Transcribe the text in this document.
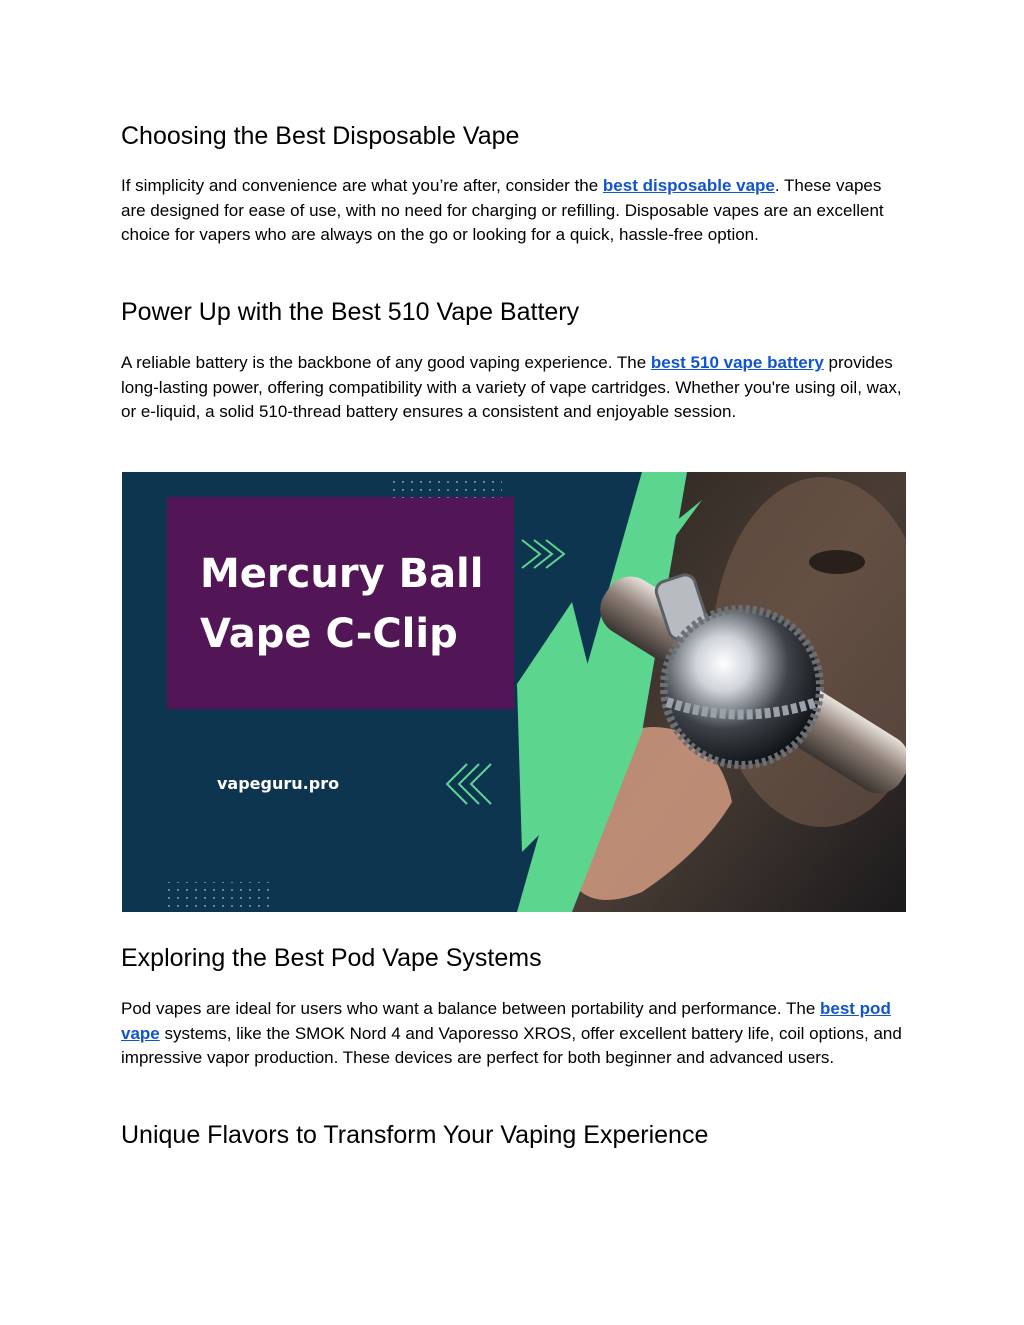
Choosing the Best Disposable Vape

If simplicity and convenience are what you’re after, consider the best disposable vape. These vapes are designed for ease of use, with no need for charging or refilling. Disposable vapes are an excellent choice for vapers who are always on the go or looking for a quick, hassle-free option.

Power Up with the Best 510 Vape Battery

A reliable battery is the backbone of any good vaping experience. The best 510 vape battery provides long-lasting power, offering compatibility with a variety of vape cartridges. Whether you're using oil, wax, or e-liquid, a solid 510-thread battery ensures a consistent and enjoyable session.

Mercury Ball
Vape C-Clip
vapeguru.pro
Exploring the Best Pod Vape Systems

Pod vapes are ideal for users who want a balance between portability and performance. The best pod vape systems, like the SMOK Nord 4 and Vaporesso XROS, offer excellent battery life, coil options, and impressive vapor production. These devices are perfect for both beginner and advanced users.

Unique Flavors to Transform Your Vaping Experience
